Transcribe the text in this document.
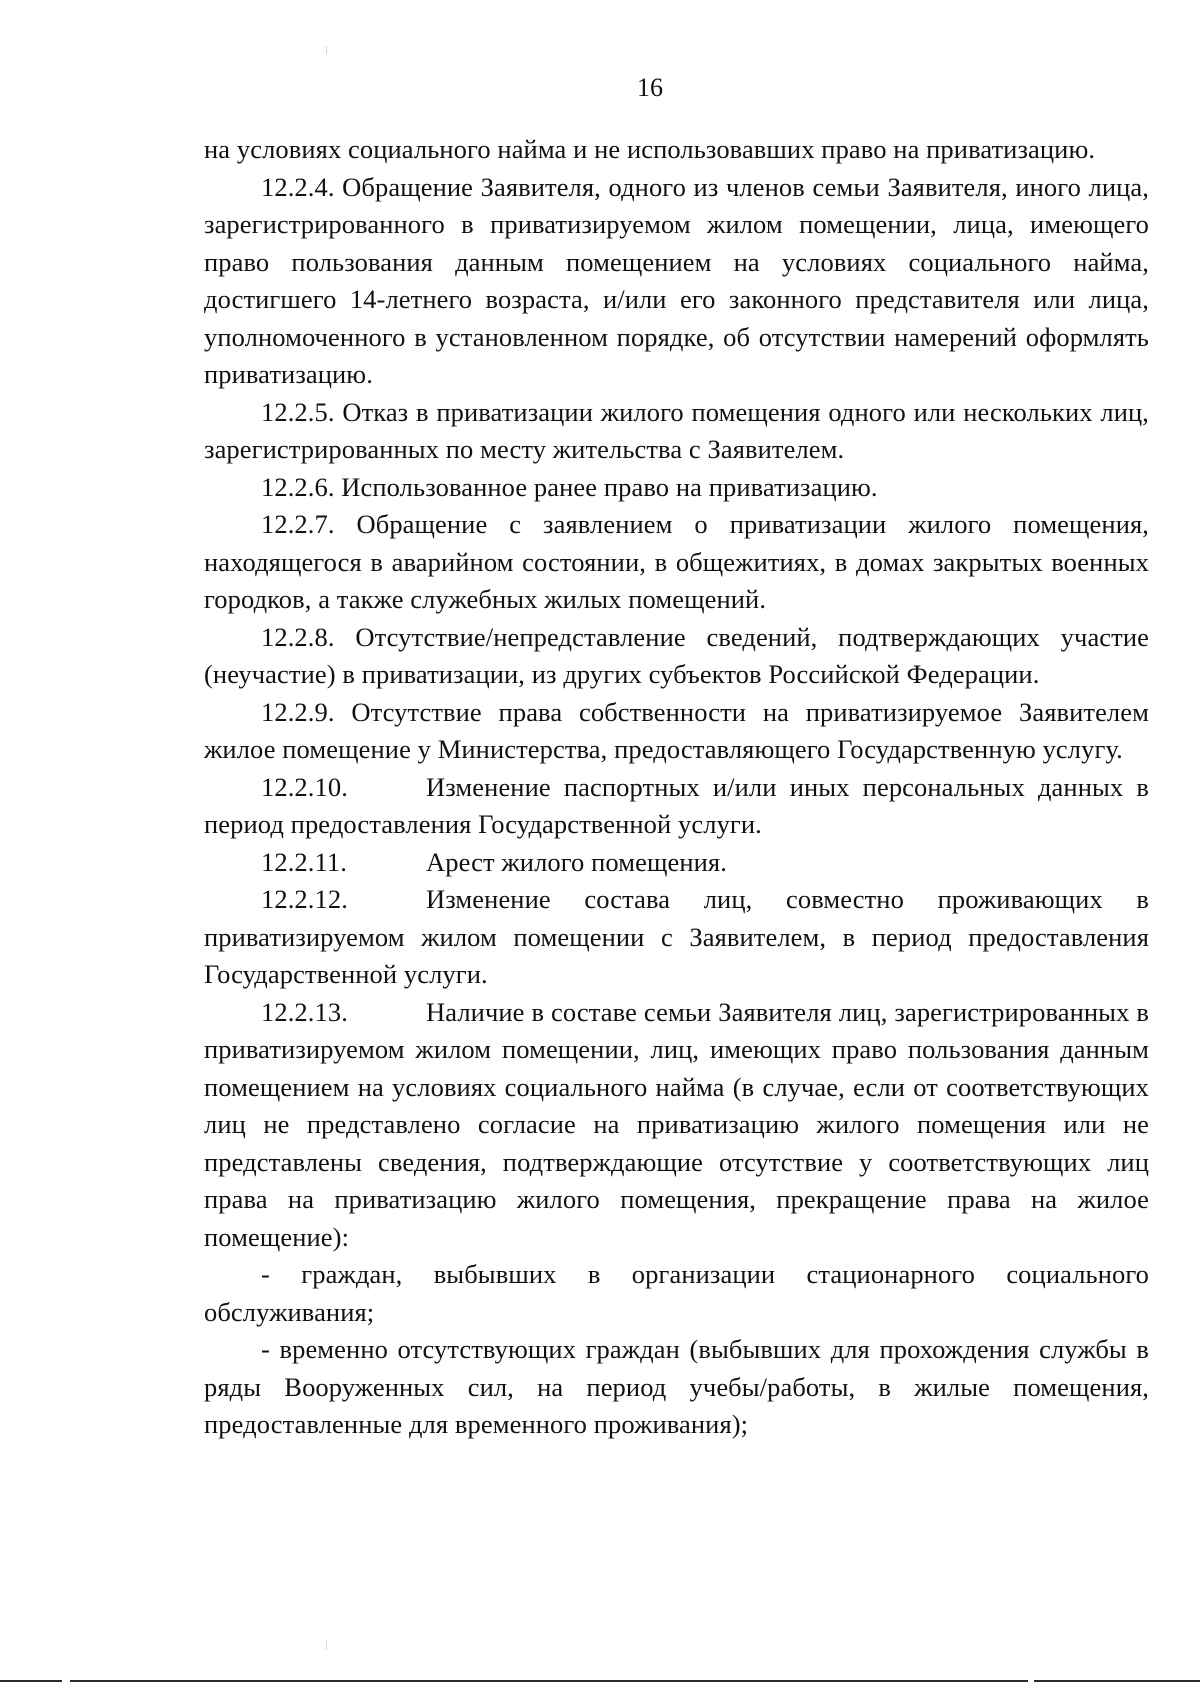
16

на условиях социального найма и не использовавших право на приватизацию.

12.2.4. Обращение Заявителя, одного из членов семьи Заявителя, иного лица, зарегистрированного в приватизируемом жилом помещении, лица, имеющего право пользования данным помещением на условиях социального найма, достигшего 14-летнего возраста, и/или его законного представителя или лица, уполномоченного в установленном порядке, об отсутствии намерений оформлять приватизацию.

12.2.5. Отказ в приватизации жилого помещения одного или нескольких лиц, зарегистрированных по месту жительства с Заявителем.

12.2.6. Использованное ранее право на приватизацию.

12.2.7. Обращение с заявлением о приватизации жилого помещения, находящегося в аварийном состоянии, в общежитиях, в домах закрытых военных городков, а также служебных жилых помещений.

12.2.8. Отсутствие/непредставление сведений, подтверждающих участие (неучастие) в приватизации, из других субъектов Российской Федерации.

12.2.9. Отсутствие права собственности на приватизируемое Заявителем жилое помещение у Министерства, предоставляющего Государственную услугу.

12.2.10.	Изменение паспортных и/или иных персональных данных в период предоставления Государственной услуги.

12.2.11.	Арест жилого помещения.

12.2.12.	Изменение состава лиц, совместно проживающих в приватизируемом жилом помещении с Заявителем, в период предоставления Государственной услуги.

12.2.13.	Наличие в составе семьи Заявителя лиц, зарегистрированных в приватизируемом жилом помещении, лиц, имеющих право пользования данным помещением на условиях социального найма (в случае, если от соответствующих лиц не представлено согласие на приватизацию жилого помещения или не представлены сведения, подтверждающие отсутствие у соответствующих лиц права на приватизацию жилого помещения, прекращение права на жилое помещение):

- граждан, выбывших в организации стационарного социального обслуживания;

- временно отсутствующих граждан (выбывших для прохождения службы в ряды Вооруженных сил, на период учебы/работы, в жилые помещения, предоставленные для временного проживания);
